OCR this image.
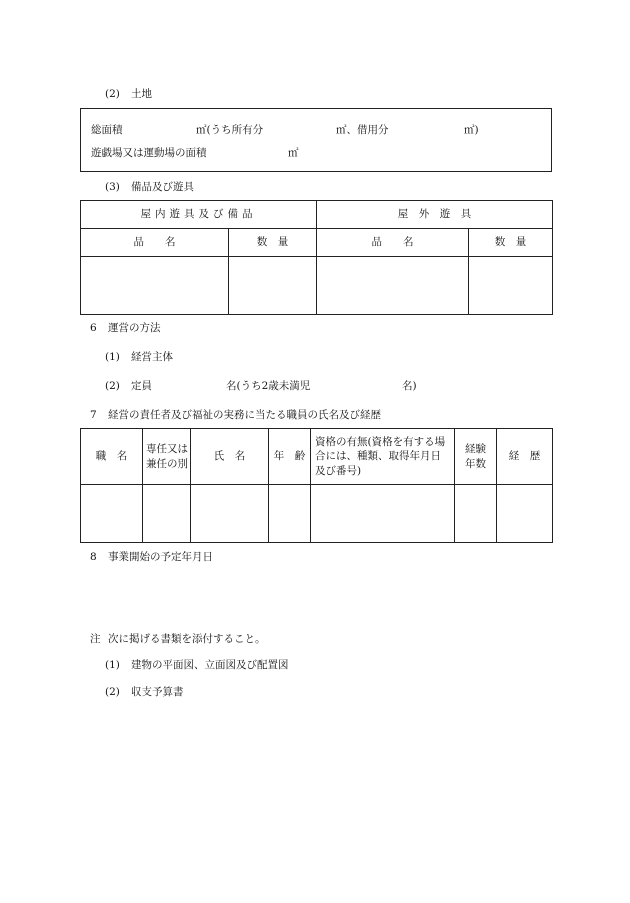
(2) 土地
総面積	㎡(うち所有分	㎡、借用分	㎡)
遊戯場又は運動場の面積	㎡
(3) 備品及び遊具
屋内遊具及び備品		屋　外　遊　具	
品　　名	数　量	品　　名	数　量

6 運営の方法
(1) 経営主体
(2) 定員	名(うち2歳未満児	名)
7 経営の責任者及び福祉の実務に当たる職員の氏名及び経歴
職　名	専任又は兼任の別	氏　名	年　齢	資格の有無(資格を有する場合には、種類、取得年月日及び番号)	経験年数	経　歴

8 事業開始の予定年月日
注 次に掲げる書類を添付すること。
(1) 建物の平面図、立面図及び配置図
(2) 収支予算書
